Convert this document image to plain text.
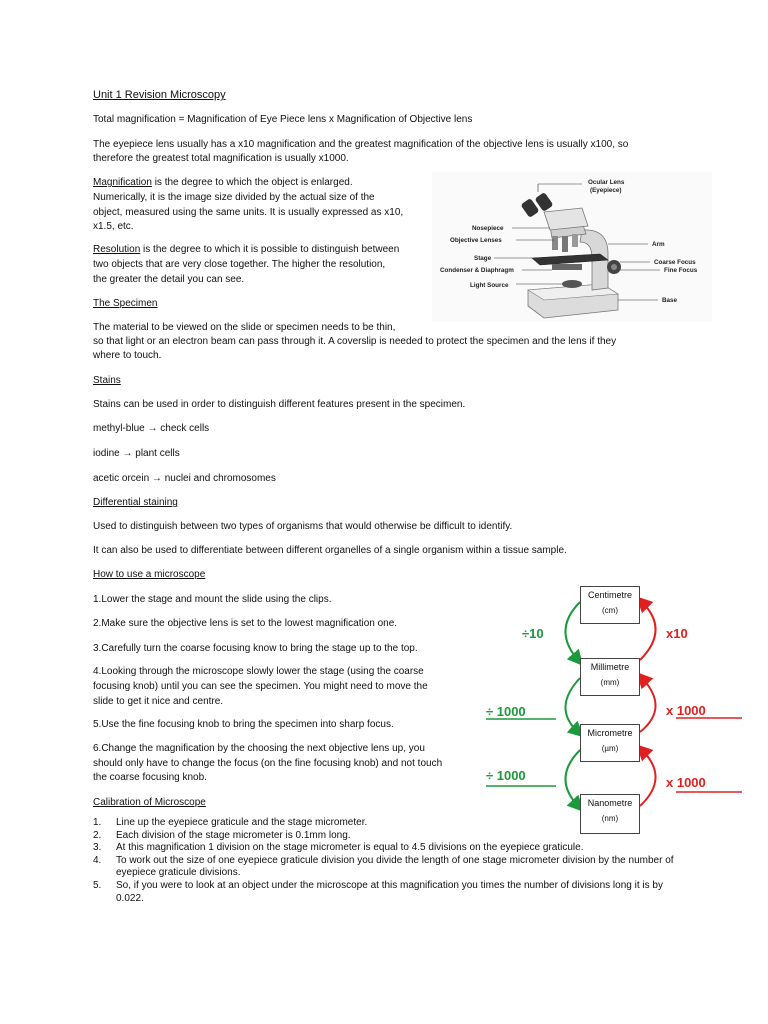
Unit 1 Revision Microscopy
Total magnification = Magnification of Eye Piece lens x Magnification of Objective lens
The eyepiece lens usually has a x10 magnification and the greatest magnification of the objective lens is usually x100, so
therefore the greatest total magnification is usually x1000.
Magnification is the degree to which the object is enlarged.
Numerically, it is the image size divided by the actual size of the
object, measured using the same units. It is usually expressed as x10,
x1.5, etc.
Resolution is the degree to which it is possible to distinguish between
two objects that are very close together. The higher the resolution,
the greater the detail you can see.
The Specimen
The material to be viewed on the slide or specimen needs to be thin,
so that light or an electron beam can pass through it. A coverslip is needed to protect the specimen and the lens if they
where to touch.
Stains
Stains can be used in order to distinguish different features present in the specimen.
methyl-blue → check cells
iodine → plant cells
acetic orcein → nuclei and chromosomes
Differential staining
Used to distinguish between two types of organisms that would otherwise be difficult to identify.
It can also be used to differentiate between different organelles of a single organism within a tissue sample.
How to use a microscope
1.Lower the stage and mount the slide using the clips.
2.Make sure the objective lens is set to the lowest magnification one.
3.Carefully turn the coarse focusing know to bring the stage up to the top.
4.Looking through the microscope slowly lower the stage (using the coarse
focusing knob) until you can see the specimen. You might need to move the
slide to get it nice and centre.
5.Use the fine focusing knob to bring the specimen into sharp focus.
6.Change the magnification by the choosing the next objective lens up, you
should only have to change the focus (on the fine focusing knob) and not touch
the coarse focusing knob.
Calibration of Microscope
1. Line up the eyepiece graticule and the stage micrometer.
2. Each division of the stage micrometer is 0.1mm long.
3. At this magnification 1 division on the stage micrometer is equal to 4.5 divisions on the eyepiece graticule.
4. To work out the size of one eyepiece graticule division you divide the length of one stage micrometer division by the number of eyepiece graticule divisions.
5. So, if you were to look at an object under the microscope at this magnification you times the number of divisions long it is by 0.022.
Ocular Lens
(Eyepiece)
Nosepiece
Objective Lenses
Stage
Condenser & Diaphragm
Light Source
Arm
Coarse Focus
Fine Focus
Base
Centimetre
(cm)
Millimetre
(mm)
Micrometre
(µm)
Nanometre
(nm)
÷10	x10
÷ 1000	x 1000
÷ 1000	x 1000
